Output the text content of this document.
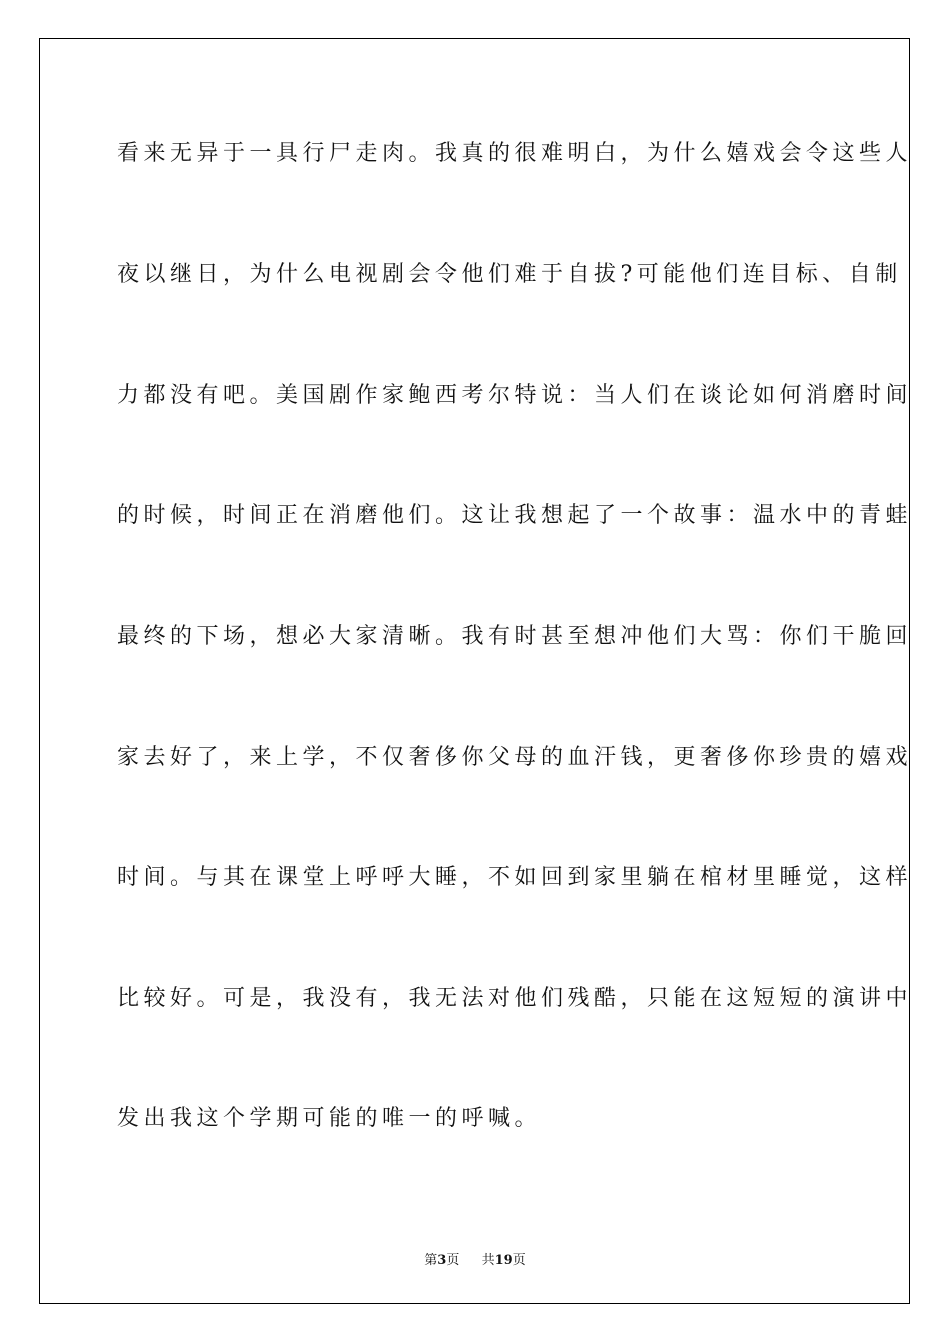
看来无异于一具行尸走肉。我真的很难明白，为什么嬉戏会令这些人
夜以继日，为什么电视剧会令他们难于自拔?可能他们连目标、自制
力都没有吧。美国剧作家鲍西考尔特说：当人们在谈论如何消磨时间
的时候，时间正在消磨他们。这让我想起了一个故事：温水中的青蛙
最终的下场，想必大家清晰。我有时甚至想冲他们大骂：你们干脆回
家去好了，来上学，不仅奢侈你父母的血汗钱，更奢侈你珍贵的嬉戏
时间。与其在课堂上呼呼大睡，不如回到家里躺在棺材里睡觉，这样
比较好。可是，我没有，我无法对他们残酷，只能在这短短的演讲中
发出我这个学期可能的唯一的呼喊。
第3页 共19页
